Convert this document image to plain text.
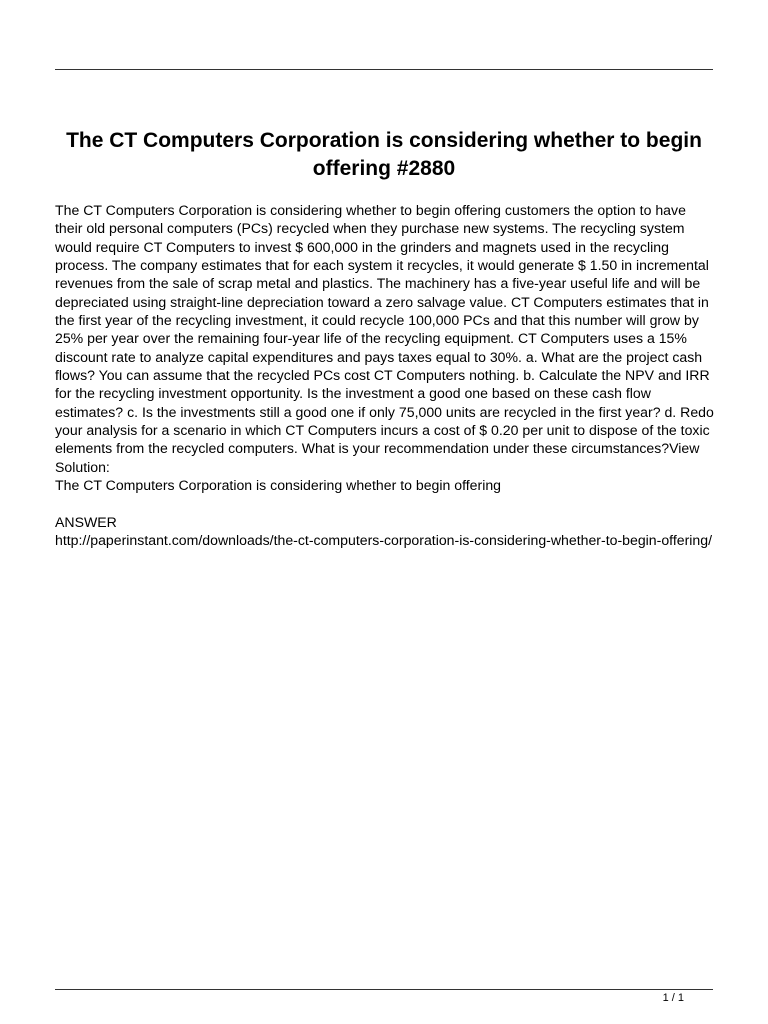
The CT Computers Corporation is considering whether to begin offering #2880

The CT Computers Corporation is considering whether to begin offering customers the option to have their old personal computers (PCs) recycled when they purchase new systems. The recycling system would require CT Computers to invest $ 600,000 in the grinders and magnets used in the recycling process. The company estimates that for each system it recycles, it would generate $ 1.50 in incremental revenues from the sale of scrap metal and plastics. The machinery has a five-year useful life and will be depreciated using straight-line depreciation toward a zero salvage value. CT Computers estimates that in the first year of the recycling investment, it could recycle 100,000 PCs and that this number will grow by 25% per year over the remaining four-year life of the recycling equipment. CT Computers uses a 15% discount rate to analyze capital expenditures and pays taxes equal to 30%. a. What are the project cash flows? You can assume that the recycled PCs cost CT Computers nothing. b. Calculate the NPV and IRR for the recycling investment opportunity. Is the investment a good one based on these cash flow estimates? c. Is the investments still a good one if only 75,000 units are recycled in the first year? d. Redo your analysis for a scenario in which CT Computers incurs a cost of $ 0.20 per unit to dispose of the toxic elements from the recycled computers. What is your recommendation under these circumstances?View Solution:

The CT Computers Corporation is considering whether to begin offering

ANSWER

http://paperinstant.com/downloads/the-ct-computers-corporation-is-considering-whether-to-begin-offering/

1 / 1
